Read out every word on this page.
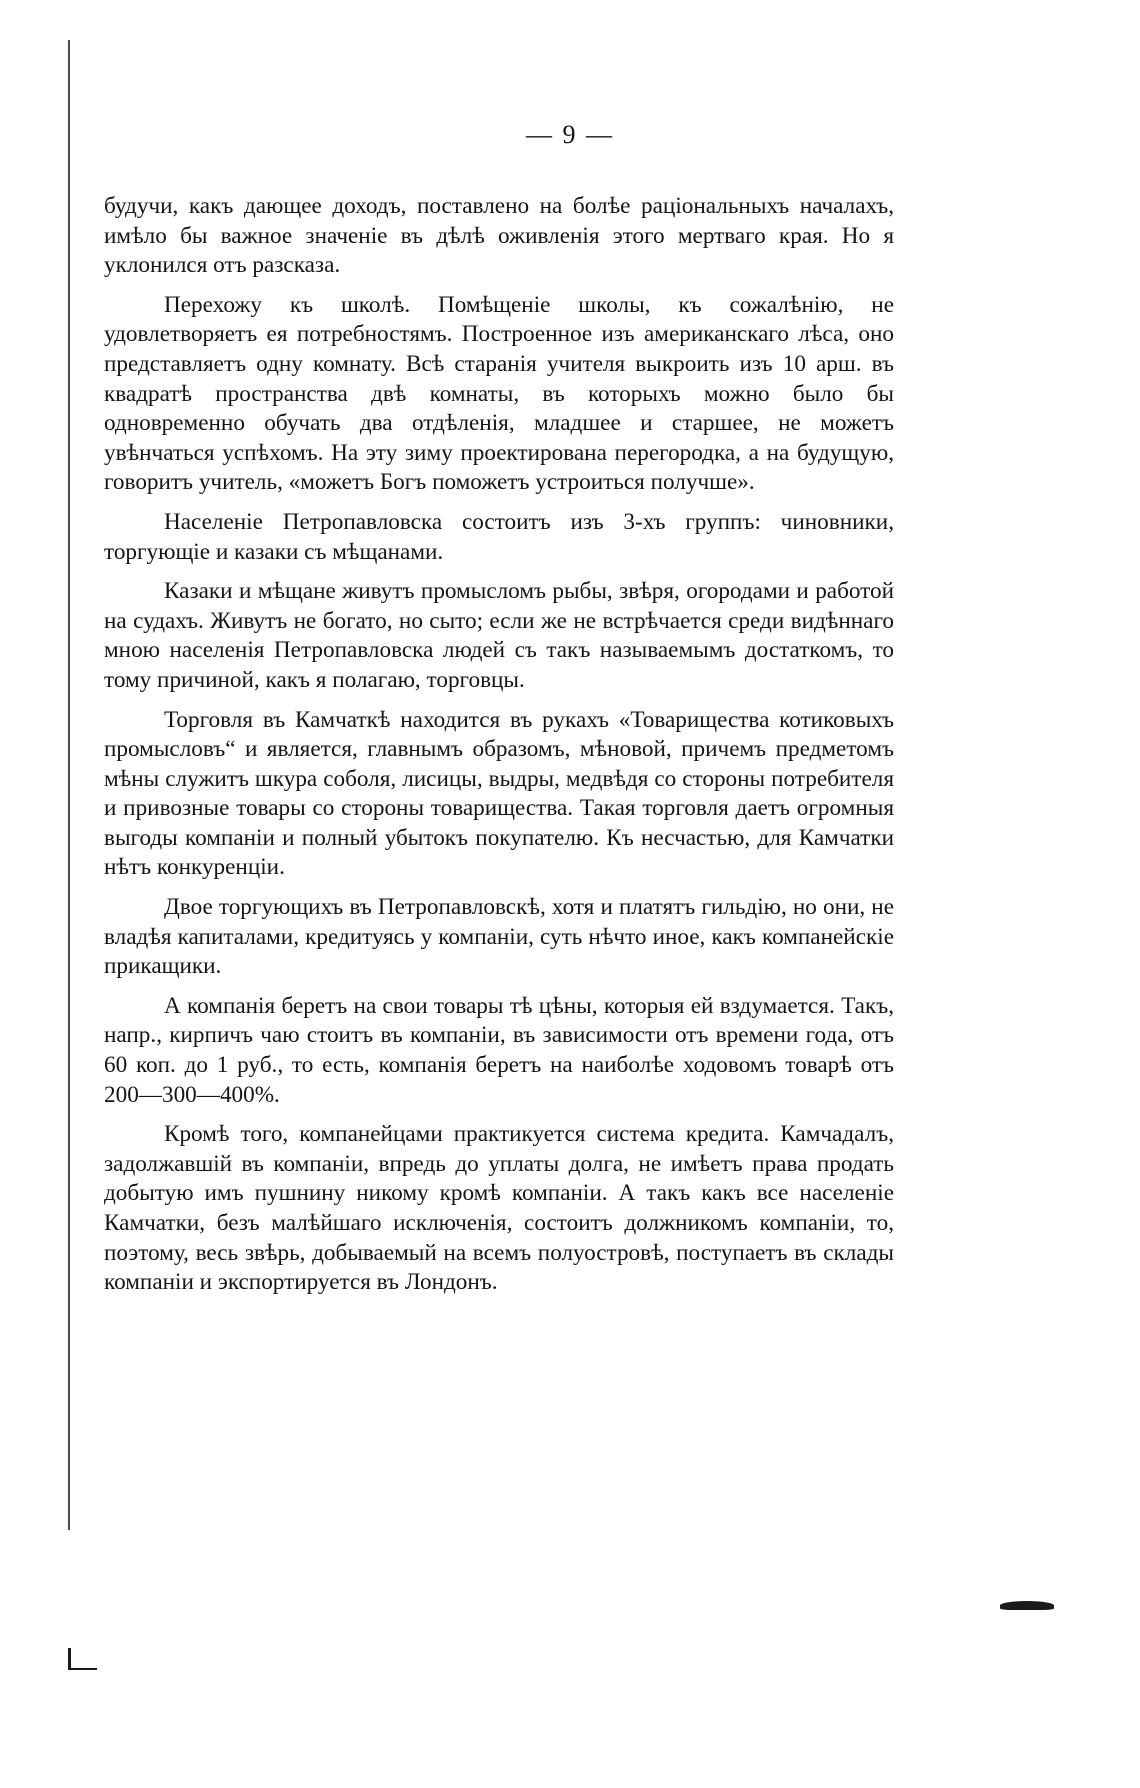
— 9 —

будучи, какъ дающее доходъ, поставлено на болѣе раціональныхъ началахъ, имѣло бы важное значеніе въ дѣлѣ оживленія этого мертваго края. Но я уклонился отъ разсказа.

Перехожу къ школѣ. Помѣщеніе школы, къ сожалѣнію, не удовлетворяетъ ея потребностямъ. Построенное изъ американскаго лѣса, оно представляетъ одну комнату. Всѣ старанія учителя выкроить изъ 10 арш. въ квадратѣ пространства двѣ комнаты, въ которыхъ можно было бы одновременно обучать два отдѣленія, младшее и старшее, не можетъ увѣнчаться успѣхомъ. На эту зиму проектирована перегородка, а на будущую, говоритъ учитель, «можетъ Богъ поможетъ устроиться получше».

Населеніе Петропавловска состоитъ изъ 3-хъ группъ: чиновники, торгующіе и казаки съ мѣщанами.

Казаки и мѣщане живутъ промысломъ рыбы, звѣря, огородами и работой на судахъ. Живутъ не богато, но сыто; если же не встрѣчается среди видѣннаго мною населенія Петропавловска людей съ такъ называемымъ достаткомъ, то тому причиной, какъ я полагаю, торговцы.

Торговля въ Камчаткѣ находится въ рукахъ «Товарищества котиковыхъ промысловъ“ и является, главнымъ образомъ, мѣновой, причемъ предметомъ мѣны служитъ шкура соболя, лисицы, выдры, медвѣдя со стороны потребителя и привозные товары со стороны товарищества. Такая торговля даетъ огромныя выгоды компаніи и полный убытокъ покупателю. Къ несчастью, для Камчатки нѣтъ конкуренціи.

Двое торгующихъ въ Петропавловскѣ, хотя и платятъ гильдію, но они, не владѣя капиталами, кредитуясь у компаніи, суть нѣчто иное, какъ компанейскіе прикащики.

А компанія беретъ на свои товары тѣ цѣны, которыя ей вздумается. Такъ, напр., кирпичъ чаю стоитъ въ компаніи, въ зависимости отъ времени года, отъ 60 коп. до 1 руб., то есть, компанія беретъ на наиболѣе ходовомъ товарѣ отъ 200—300—400%.

Кромѣ того, компанейцами практикуется система кредита. Камчадалъ, задолжавшій въ компаніи, впредь до уплаты долга, не имѣетъ права продать добытую имъ пушнину никому кромѣ компаніи. А такъ какъ все населеніе Камчатки, безъ малѣйшаго исключенія, состоитъ должникомъ компаніи, то, поэтому, весь звѣрь, добываемый на всемъ полуостровѣ, поступаетъ въ склады компаніи и экспортируется въ Лондонъ.
